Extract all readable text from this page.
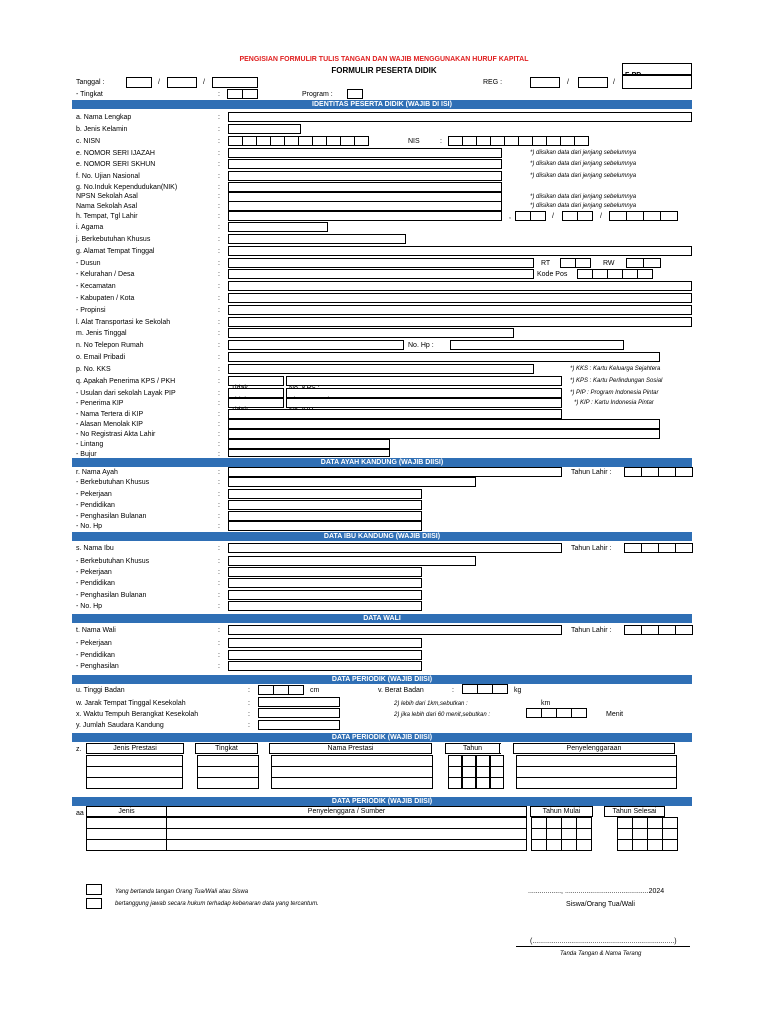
PENGISIAN FORMULIR TULIS TANGAN DAN WAJIB MENGGUNAKAN HURUF KAPITAL
FORMULIR PESERTA DIDIK
Tanggal :	/	/	REG :	/	/
- Tingkat	:	Program :
IDENTITAS PESERTA DIDIK (WAJIB DI ISI)
a. Nama Lengkap	:
b. Jenis Kelamin	:
c. NISN	:
e. NOMOR SERI IJAZAH	:
e. NOMOR SERI SKHUN	:
f. No. Ujian Nasional	:
g. No.Induk Kependudukan(NIK)	:
NPSN Sekolah Asal	:
Nama Sekolah Asal	:
h. Tempat, Tgl Lahir	:
i. Agama	:
j. Berkebutuhan Khusus	:
g. Alamat Tempat Tinggal	:
- Dusun	:
- Kelurahan / Desa	:
- Kecamatan	:
- Kabupaten / Kota	:
- Propinsi	:
l. Alat Transportasi ke Sekolah	:
m. Jenis Tinggal	:
n. No Telepon Rumah	:
o. Email Pribadi	:
p. No. KKS	:
q. Apakah Penerima KPS / PKH	:
- Usulan dari sekolah Layak PIP	:
- Penerima KIP	:
- Nama Tertera di KIP	:
- Alasan Menolak KIP	:
- No Registrasi Akta Lahir	:
- Lintang	:
- Bujur	:
NIS	:
*) diisikan data dari jenjang sebelumnya
*) diisikan data dari jenjang sebelumnya
*) diisikan data dari jenjang sebelumnya
*) diisikan data dari jenjang sebelumnya
*) diisikan data dari jenjang sebelumnya
,	/	/
RT	RW
Kode Pos
No. Hp :
*) KKS : Kartu Keluarga Sejahtera
*) KPS : Kartu Perlindungan Sosial
*) PIP : Program Indonesia Pintar
*) KIP : Kartu Indonesia Pintar
DATA AYAH KANDUNG (WAJIB DIISI)
r. Nama Ayah	:
- Berkebutuhan Khusus	:
- Pekerjaan	:
- Pendidikan	:
- Penghasilan Bulanan	:
- No. Hp	:
Tahun Lahir :
DATA IBU KANDUNG (WAJIB DIISI)
s. Nama Ibu	:
- Berkebutuhan Khusus	:
- Pekerjaan	:
- Pendidikan	:
- Penghasilan Bulanan	:
- No. Hp	:
Tahun Lahir :
DATA WALI
t. Nama Wali	:
- Pekerjaan	:
- Pendidikan	:
- Penghasilan	:
Tahun Lahir :
DATA PERIODIK (WAJIB DIISI)
u. Tinggi Badan	:	cm	v. Berat Badan	:	kg
w. Jarak Tempat Tinggal Kesekolah	:	2) lebih dari 1km,sebutkan :	km
x. Waktu Tempuh Berangkat Kesekolah	:	2) jika lebih dari 60 menit,sebutkan :	Menit
y. Jumlah Saudara Kandung	:
DATA PERIODIK (WAJIB DIISI)
z.	Jenis Prestasi		Tingkat		Nama Prestasi		Tahun		Penyelenggaraan
DATA PERIODIK (WAJIB DIISI)
aa	Jenis	Penyelenggara / Sumber		Tahun Mulai		Tahun Selesai
Yang bertanda tangan Orang Tua/Wali atau Siswa
bertanggung jawab secara hukum terhadap kebenaran data yang tercantum.
................., ...........................................2024
Siswa/Orang Tua/Wali
(.........................................................................)
Tanda Tangan & Nama Terang
